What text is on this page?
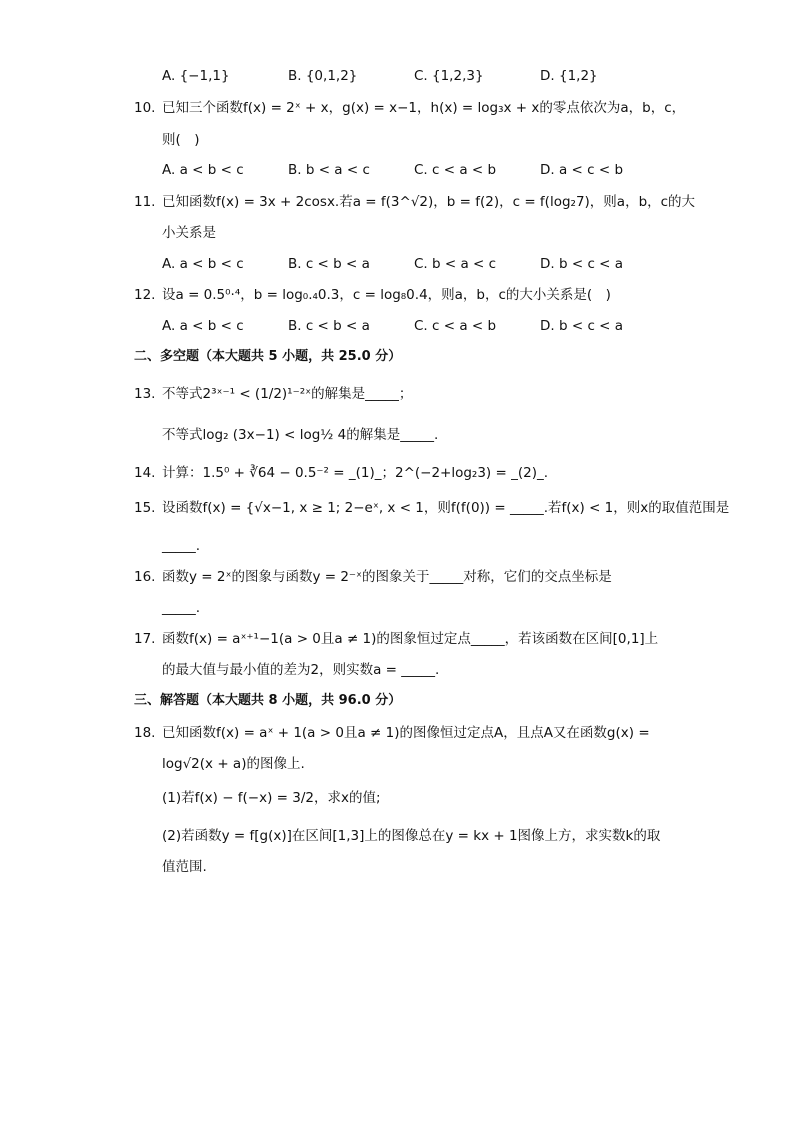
A. {−1,1}	B. {0,1,2}	C. {1,2,3}	D. {1,2}
10. 已知三个函数f(x) = 2ˣ + x，g(x) = x−1，h(x) = log₃x + x的零点依次为a，b，c，
则(　)
A. a < b < c	B. b < a < c	C. c < a < b	D. a < c < b
11. 已知函数f(x) = 3x + 2cosx.若a = f(3^√2)，b = f(2)，c = f(log₂7)，则a，b，c的大
小关系是
A. a < b < c	B. c < b < a	C. b < a < c	D. b < c < a
12. 设a = 0.5⁰·⁴，b = log₀.₄0.3，c = log₈0.4，则a，b，c的大小关系是(　)
A. a < b < c	B. c < b < a	C. c < a < b	D. b < c < a
二、多空题（本大题共 5 小题，共 25.0 分）
13. 不等式2³ˣ⁻¹ < (1/2)¹⁻²ˣ的解集是_____；
不等式log₂ (3x−1) < log½ 4的解集是_____.
14. 计算：1.5⁰ + ∛64 − 0.5⁻² = _(1)_；2^(−2+log₂3) = _(2)_.
15. 设函数f(x) = {√x−1, x ≥ 1; 2−eˣ, x < 1，则f(f(0)) = _____.若f(x) < 1，则x的取值范围是
_____.
16. 函数y = 2ˣ的图象与函数y = 2⁻ˣ的图象关于_____对称，它们的交点坐标是
_____.
17. 函数f(x) = aˣ⁺¹−1(a > 0且a ≠ 1)的图象恒过定点_____，若该函数在区间[0,1]上
的最大值与最小值的差为2，则实数a = _____.
三、解答题（本大题共 8 小题，共 96.0 分）
18. 已知函数f(x) = aˣ + 1(a > 0且a ≠ 1)的图像恒过定点A，且点A又在函数g(x) =
log√2(x + a)的图像上.
(1)若f(x) − f(−x) = 3/2，求x的值;
(2)若函数y = f[g(x)]在区间[1,3]上的图像总在y = kx + 1图像上方，求实数k的取
值范围.
